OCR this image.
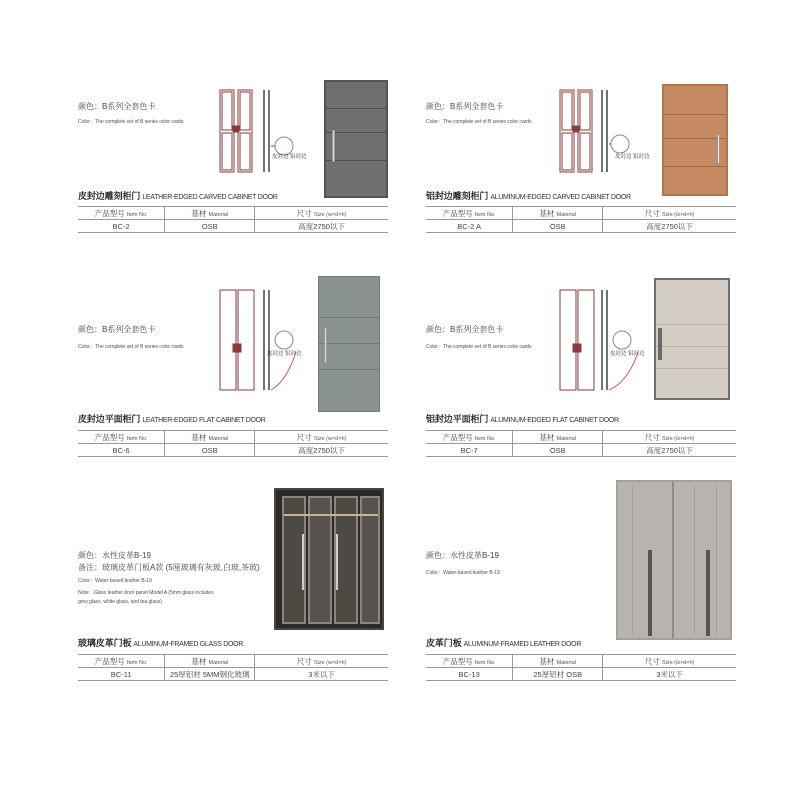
颜色：B系列全套色卡
Color：The complete set of B series color cards
皮封边 铝封边
皮封边雕刻柜门 LEATHER-EDGED CARVED CABINET DOOR
产品型号 Item No.	基材 Material	尺寸 Size (w×d×h)
BC-2	OSB	高度2750以下
颜色：B系列全套色卡
Color：The complete set of B series color cards
皮封边 铝封边
铝封边雕刻柜门 ALUMINUM-EDGED CARVED CABINET DOOR
产品型号 Item No.	基材 Material	尺寸 Size (w×d×h)
BC-2 A	OSB	高度2750以下
颜色：B系列全套色卡
Color：The complete set of B series color cards
皮封边 铝封边
皮封边平面柜门 LEATHER-EDGED FLAT CABINET DOOR
产品型号 Item No.	基材 Material	尺寸 Size (w×d×h)
BC-6	OSB	高度2750以下
颜色：B系列全套色卡
Color：The complete set of B series color cards
皮封边 铝封边
铝封边平面柜门 ALUMINUM-EDGED FLAT CABINET DOOR
产品型号 Item No.	基材 Material	尺寸 Size (w×d×h)
BC-7	OSB	高度2750以下
颜色：水性皮革B-19
备注：玻璃皮革门板A款 (5厘玻璃有灰玻,白玻,茶玻)
Color：Water-based leather B-19
Note：Glass leather door panel Model A (5mm glass includes
grey glass, white glass, and tea glass)
玻璃皮革门板 ALUMINUM-FRAMED GLASS DOOR
产品型号 Item No.	基材 Material	尺寸 Size (w×d×h)
BC-11	25厚铝材 5MM钢化玻璃	3米以下
颜色：水性皮革B-19
Color：Water-based leather B-19
皮革门板 ALUMINUM-FRAMED LEATHER DOOR
产品型号 Item No.	基材 Material	尺寸 Size (w×d×h)
BC-13	25厚铝材 OSB	3米以下
